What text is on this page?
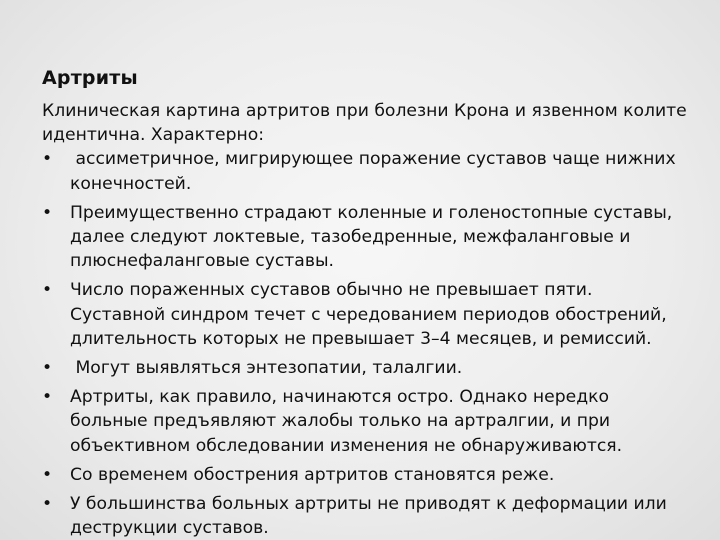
Артриты

Клиническая картина артритов при болезни Крона и язвенном колите идентична. Характерно:

• ассиметричное, мигрирующее поражение суставов чаще нижних конечностей.
• Преимущественно страдают коленные и голеностопные суставы, далее следуют локтевые, тазобедренные, межфаланговые и плюснефаланговые суставы.
• Число пораженных суставов обычно не превышает пяти. Суставной синдром течет с чередованием периодов обострений, длительность которых не превышает 3–4 месяцев, и ремиссий.
• Могут выявляться энтезопатии, талалгии.
• Артриты, как правило, начинаются остро. Однако нередко больные предъявляют жалобы только на артралгии, и при объективном обследовании изменения не обнаруживаются.
• Со временем обострения артритов становятся реже.
• У большинства больных артриты не приводят к деформации или деструкции суставов.
